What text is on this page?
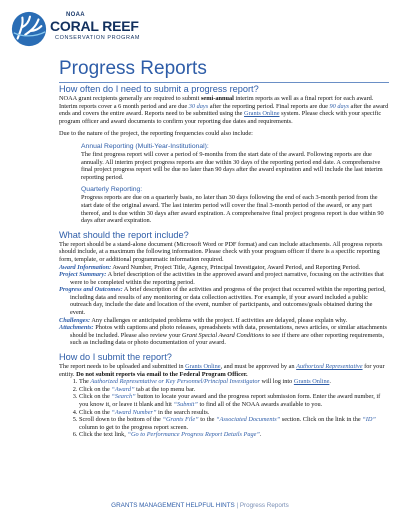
NOAA
CORAL REEF
CONSERVATION PROGRAM
Progress Reports
How often do I need to submit a progress report?

NOAA grant recipients generally are required to submit semi-annual interim reports as well as a final report for each award. Interim reports cover a 6 month period and are due 30 days after the reporting period. Final reports are due 90 days after the award ends and covers the entire award. Reports need to be submitted using the Grants Online system. Please check with your specific program officer and award documents to confirm your reporting due dates and requirements.

Due to the nature of the project, the reporting frequencies could also include:

Annual Reporting (Multi-Year-Institutional):

The first progress report will cover a period of 9-months from the start date of the award. Following reports are due annually. All interim project progress reports are due within 30 days of the reporting period end date. A comprehensive final project progress report will be due no later than 90 days after the award expiration and will include the last interim reporting period.

Quarterly Reporting:

Progress reports are due on a quarterly basis, no later than 30 days following the end of each 3-month period from the start date of the original award. The last interim period will cover the final 3-month period of the award, or any part thereof, and is due within 30 days after award expiration. A comprehensive final project progress report is due within 90 days after award expiration.

What should the report include?

The report should be a stand-alone document (Microsoft Word or PDF format) and can include attachments. All progress reports should include, at a maximum the following information. Please check with your program officer if there is a specific reporting form, template, or additional programmatic information required.

Award Information: Award Number, Project Title, Agency, Principal Investigator, Award Period, and Reporting Period.

Project Summary: A brief description of the activities in the approved award and project narrative, focusing on the activities that were to be completed within the reporting period.

Progress and Outcomes: A brief description of the activities and progress of the project that occurred within the reporting period, including data and results of any monitoring or data collection activities. For example, if your award included a public outreach day, include the date and location of the event, number of participants, and outcomes/goals obtained during the event.

Challenges: Any challenges or anticipated problems with the project. If activities are delayed, please explain why.

Attachments: Photos with captions and photo releases, spreadsheets with data, presentations, news articles, or similar attachments should be included. Please also review your Grant Special Award Conditions to see if there are other reporting requirements, such as including data or photo documentation of your award.

How do I submit the report?

The report needs to be uploaded and submitted in Grants Online, and must be approved by an Authorized Representative for your entity. Do not submit reports via email to the Federal Program Officer.

1. The Authorized Representative or Key Personnel/Principal Investigator will log into Grants Online.
2. Click on the “Award” tab at the top menu bar.
3. Click on the “Search” button to locate your award and the progress report submission form. Enter the award number, if you know it, or leave it blank and hit “Submit” to find all of the NOAA awards available to you.
4. Click on the “Award Number” in the search results.
5. Scroll down to the bottom of the “Grants File” to the “Associated Documents” section. Click on the link in the “ID” column to get to the progress report screen.
6. Click the text link, “Go to Performance Progress Report Details Page”.
GRANTS MANAGEMENT HELPFUL HINTS | Progress Reports
